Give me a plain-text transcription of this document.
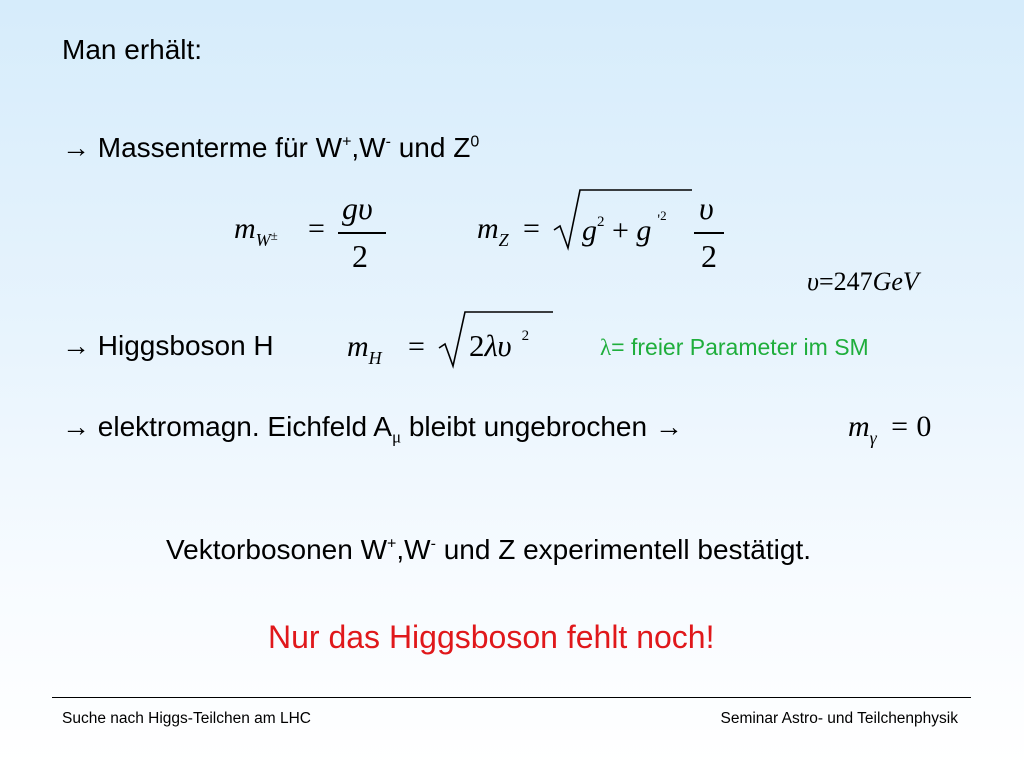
Man erhält:
→ Massenterme für W+,W- und $Z^0$
$m_W\pm$ =
gυ
2
$m_Z = g^2 + g$ $^{'2}$ υ
2
υ=247GeV
→ Higgsboson H $m_H = 2\lambda\upsilon$ $^2$	λ= freier Parameter im SM
→ elektromagn. Eichfeld $A_\mu$ bleibt ungebrochen →	$m_\gamma = 0$
Vektorbosonen W+,W- und Z experimentell bestätigt.
Nur das Higgsboson fehlt noch!
Suche nach Higgs-Teilchen am LHC	Seminar Astro- und Teilchenphysik
